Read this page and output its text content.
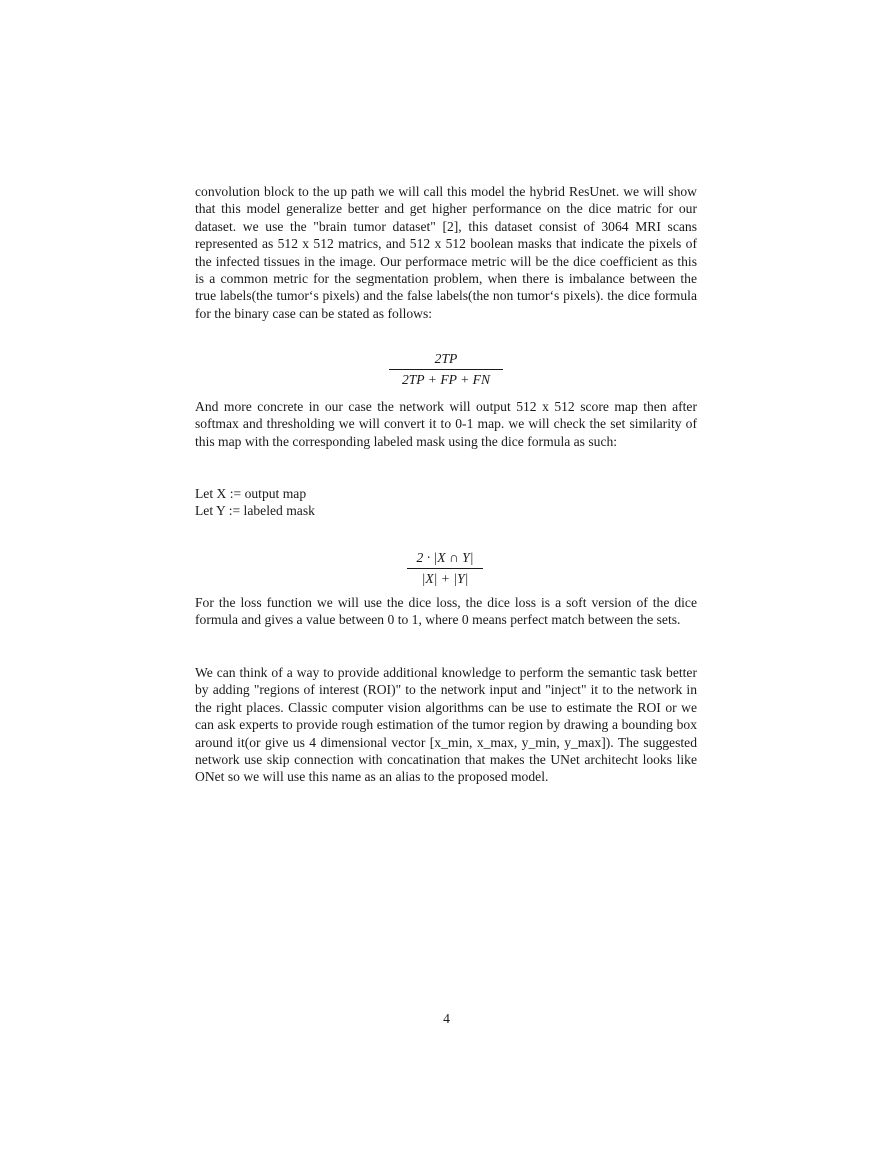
convolution block to the up path we will call this model the hybrid ResUnet. we will show that this model generalize better and get higher performance on the dice matric for our dataset. we use the "brain tumor dataset" [2], this dataset consist of 3064 MRI scans represented as 512 x 512 matrics, and 512 x 512 boolean masks that indicate the pixels of the infected tissues in the image. Our performace metric will be the dice coefficient as this is a common metric for the segmentation problem, when there is imbalance between the true labels(the tumor‘s pixels) and the false labels(the non tumor‘s pixels). the dice formula for the binary case can be stated as follows:

2TP
2TP + FP + FN

And more concrete in our case the network will output 512 x 512 score map then after softmax and thresholding we will convert it to 0-1 map. we will check the set similarity of this map with the corresponding labeled mask using the dice formula as such:

Let X := output map

Let Y := labeled mask

2 · |X ∩ Y|
|X| + |Y|

For the loss function we will use the dice loss, the dice loss is a soft version of the dice formula and gives a value between 0 to 1, where 0 means perfect match between the sets.

We can think of a way to provide additional knowledge to perform the semantic task better by adding "regions of interest (ROI)" to the network input and "inject" it to the network in the right places. Classic computer vision algorithms can be use to estimate the ROI or we can ask experts to provide rough estimation of the tumor region by drawing a bounding box around it(or give us 4 dimensional vector [x_min, x_max, y_min, y_max]). The suggested network use skip connection with concatination that makes the UNet architecht looks like ONet so we will use this name as an alias to the proposed model.

4
